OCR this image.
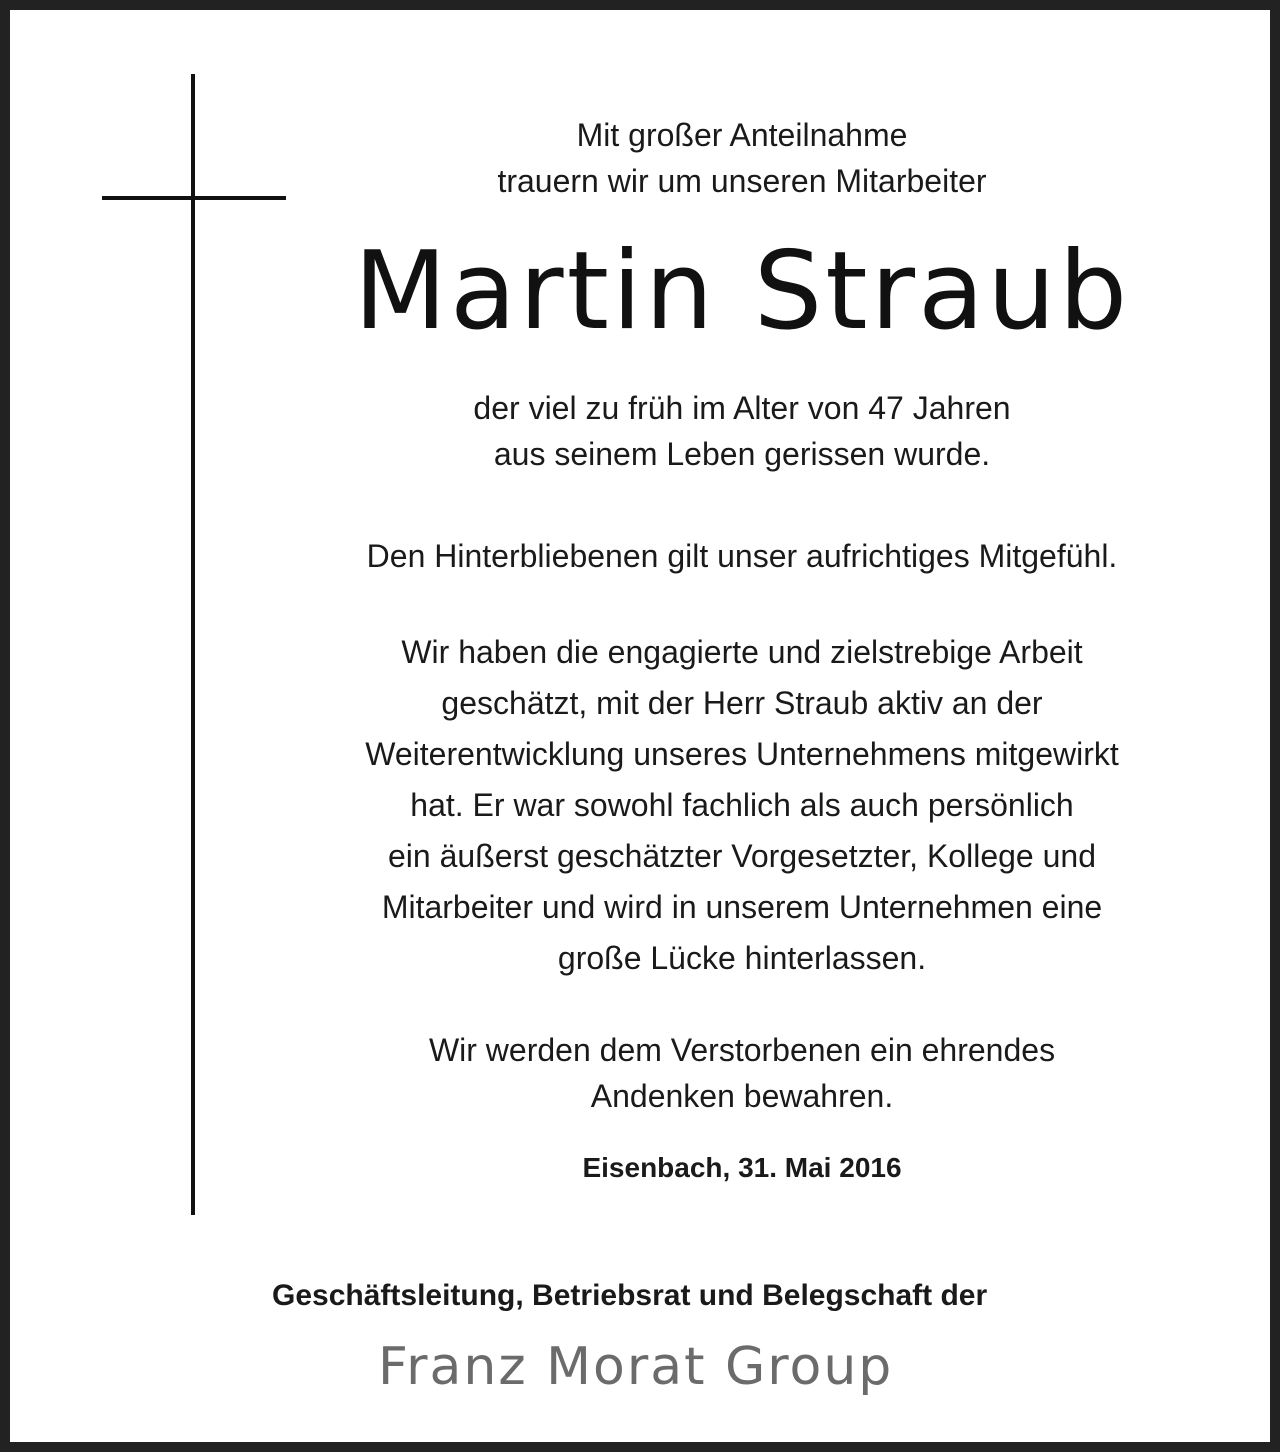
Mit großer Anteilnahme
trauern wir um unseren Mitarbeiter

Martin Straub

der viel zu früh im Alter von 47 Jahren
aus seinem Leben gerissen wurde.

Den Hinterbliebenen gilt unser aufrichtiges Mitgefühl.

Wir haben die engagierte und zielstrebige Arbeit
geschätzt, mit der Herr Straub aktiv an der
Weiterentwicklung unseres Unternehmens mitgewirkt
hat. Er war sowohl fachlich als auch persönlich
ein äußerst geschätzter Vorgesetzter, Kollege und
Mitarbeiter und wird in unserem Unternehmen eine
große Lücke hinterlassen.

Wir werden dem Verstorbenen ein ehrendes
Andenken bewahren.

Eisenbach, 31. Mai 2016

Geschäftsleitung, Betriebsrat und Belegschaft der

Franz Morat Group
